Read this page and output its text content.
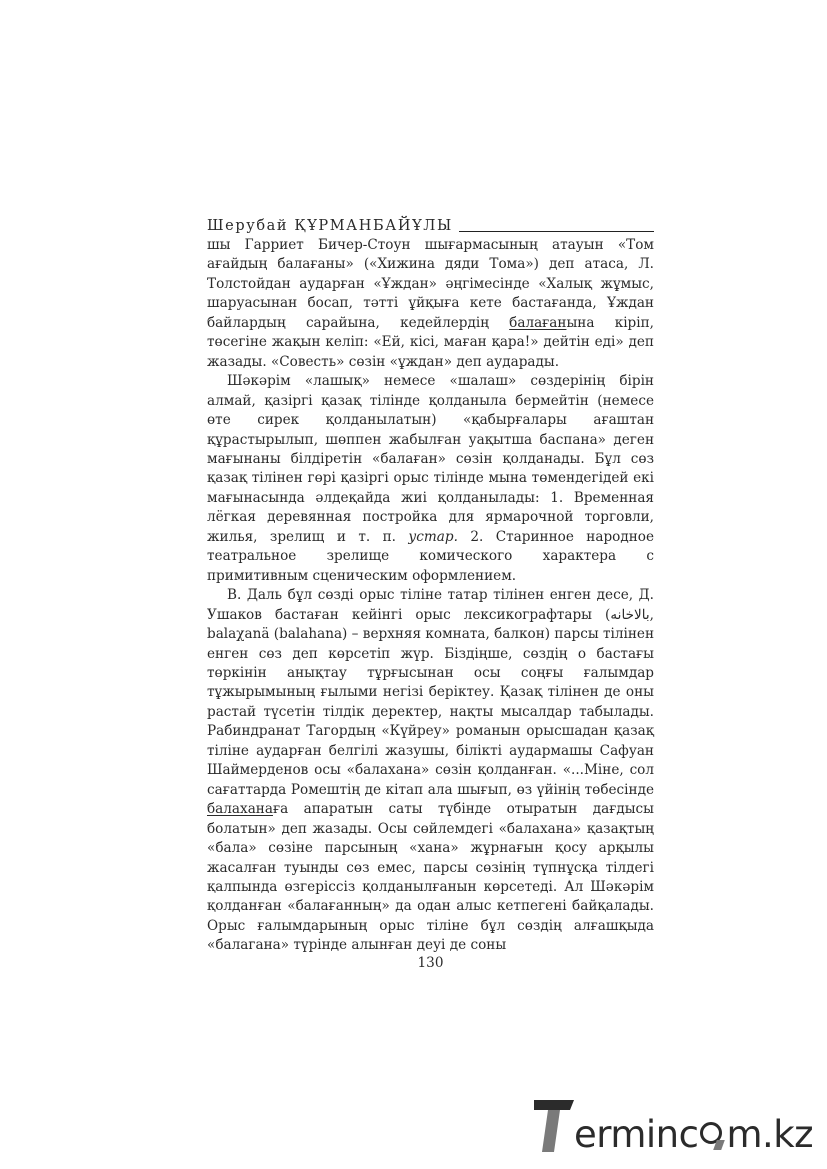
Шерубай ҚҰРМАНБАЙҰЛЫ

шы Гарриет Бичер-Стоун шығармасының атауын «Том ағайдың балағаны» («Хижина дяди Тома») деп атаса, Л. Толстойдан аударған «Ұждан» әңгімесінде «Халық жұмыс, шаруасынан босап, тәтті ұйқыға кете бастағанда, Ұждан байлардың сарайына, кедейлердің балағанына кіріп, төсегіне жақын келіп: «Ей, кісі, маған қара!» дейтін еді» деп жазады. «Совесть» сөзін «ұждан» деп аударады.

Шәкәрім «лашық» немесе «шалаш» сөздерінің бірін алмай, қазіргі қазақ тілінде қолданыла бермейтін (немесе өте сирек қолданылатын) «қабырғалары ағаштан құрастырылып, шөппен жабылған уақытша баспана» деген мағынаны білдіретін «балаған» сөзін қолданады. Бұл сөз қазақ тілінен гөрі қазіргі орыс тілінде мына төмендегідей екі мағынасында әлдеқайда жиі қолданылады: 1. Временная лёгкая деревянная постройка для ярмарочной торговли, жилья, зрелищ и т. п. устар. 2. Старинное народное театральное зрелище комического характера с примитивным сценическим оформлением.

В. Даль бұл сөзді орыс тіліне татар тілінен енген десе, Д. Ушаков бастаған кейінгі орыс лексикографтары (بالاخانه, balaχanä (balahana) – верхняя комната, балкон) парсы тілінен енген сөз деп көрсетіп жүр. Біздіңше, сөздің о бастағы төркінін анықтау тұрғысынан осы соңғы ғалымдар тұжырымының ғылыми негізі беріктеу. Қазақ тілінен де оны растай түсетін тілдік деректер, нақты мысалдар табылады. Рабиндранат Тагордың «Күйреу» романын орысшадан қазақ тіліне аударған белгілі жазушы, білікті аудармашы Сафуан Шаймерденов осы «балахана» сөзін қолданған. «...Міне, сол сағаттарда Ромештің де кітап ала шығып, өз үйінің төбесінде балаханаға апаратын саты түбінде отыратын дағдысы болатын» деп жазады. Осы сөйлемдегі «балахана» қазақтың «бала» сөзіне парсының «хана» жұрнағын қосу арқылы жасалған туынды сөз емес, парсы сөзінің түпнұсқа тілдегі қалпында өзгеріссіз қолданылғанын көрсетеді. Ал Шәкәрім қолданған «балағанның» да одан алыс кетпегені байқалады. Орыс ғалымдарының орыс тіліне бұл сөздің алғашқыда «балагана» түрінде алынған деуі де соны

130
erminc m.kz
